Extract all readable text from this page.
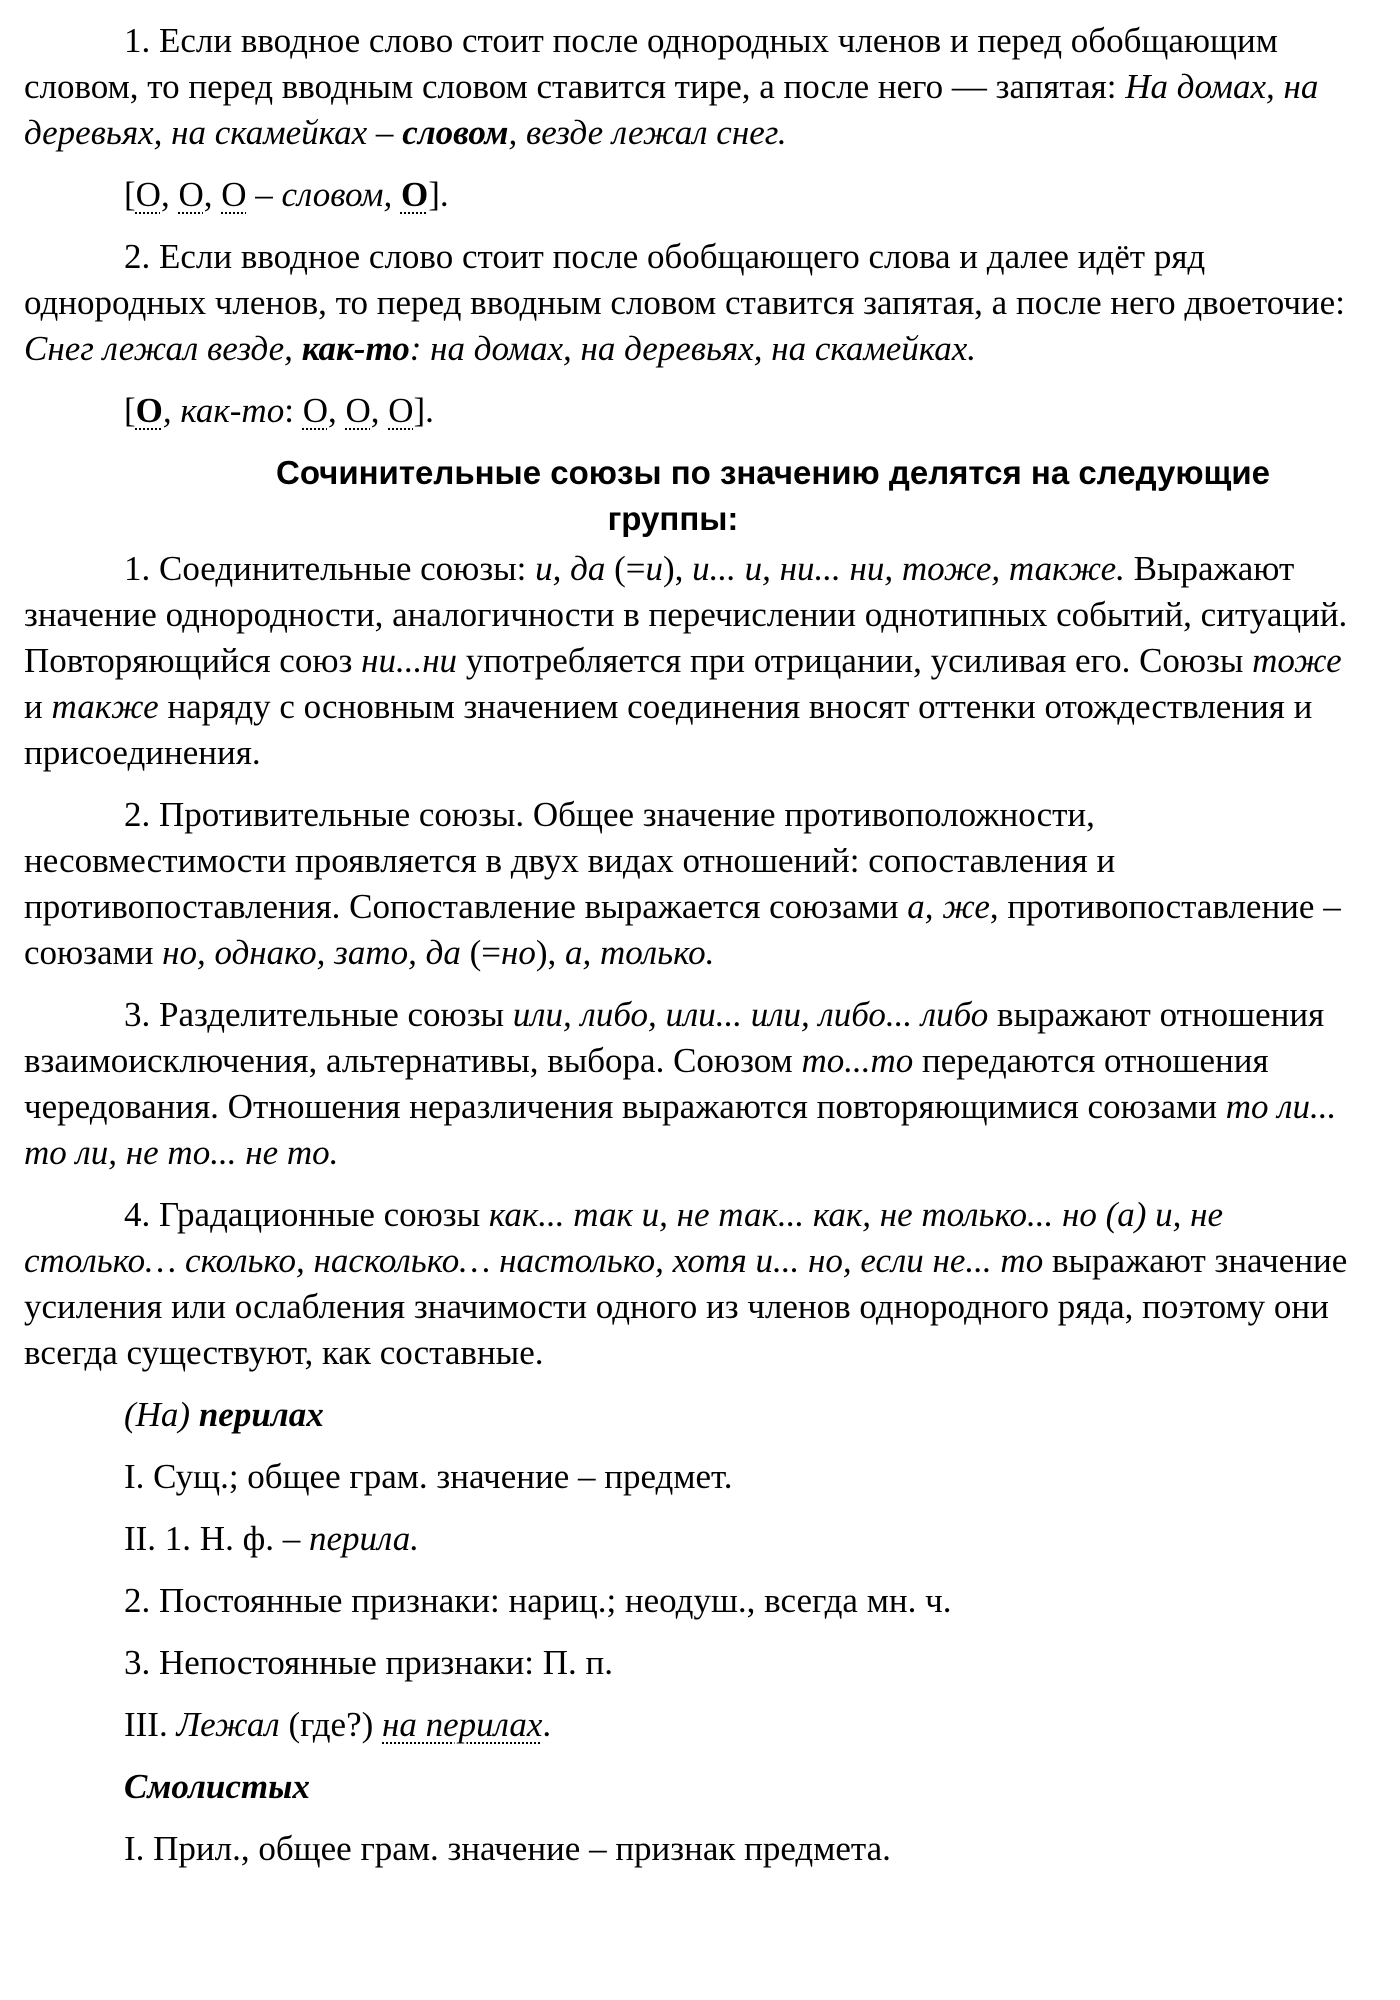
1. Если вводное слово стоит после однородных членов и перед обобщающим словом, то перед вводным словом ставится тире, а после него — запятая: На домах, на деревьях, на скамейках – словом, везде лежал снег.

[О, О, О – словом, О].

2. Если вводное слово стоит после обобщающего слова и далее идёт ряд однородных членов, то перед вводным словом ставится запятая, а после него двоеточие: Снег лежал везде, как-то: на домах, на деревьях, на скамейках.

[О, как-то: О, О, О].

Сочинительные союзы по значению делятся на следующие
группы:

1. Соединительные союзы: и, да (=и), и... и, ни... ни, тоже, также. Выражают значение однородности, аналогичности в перечислении однотипных событий, ситуаций. Повторяющийся союз ни...ни употребляется при отрицании, усиливая его. Союзы тоже и также наряду с основным значением соединения вносят оттенки отождествления и присоединения.

2. Противительные союзы. Общее значение противоположности, несовместимости проявляется в двух видах отношений: сопоставления и противопоставления. Сопоставление выражается союзами а, же, противопоставление – союзами но, однако, зато, да (=но), а, только.

3. Разделительные союзы или, либо, или... или, либо... либо выражают отношения взаимоисключения, альтернативы, выбора. Союзом то...то передаются отношения чередования. Отношения неразличения выражаются повторяющимися союзами то ли... то ли, не то... не то.

4. Градационные союзы как... так и, не так... как, не только... но (а) и, не столько… сколько, насколько… настолько, хотя и... но, если не... то выражают значение усиления или ослабления значимости одного из членов однородного ряда, поэтому они всегда существуют, как составные.

(На) перилах

I. Сущ.; общее грам. значение – предмет.

II. 1. Н. ф. – перила.

2. Постоянные признаки: нариц.; неодуш., всегда мн. ч.

3. Непостоянные признаки: П. п.

III. Лежал (где?) на перилах.

Смолистых

I. Прил., общее грам. значение – признак предмета.
